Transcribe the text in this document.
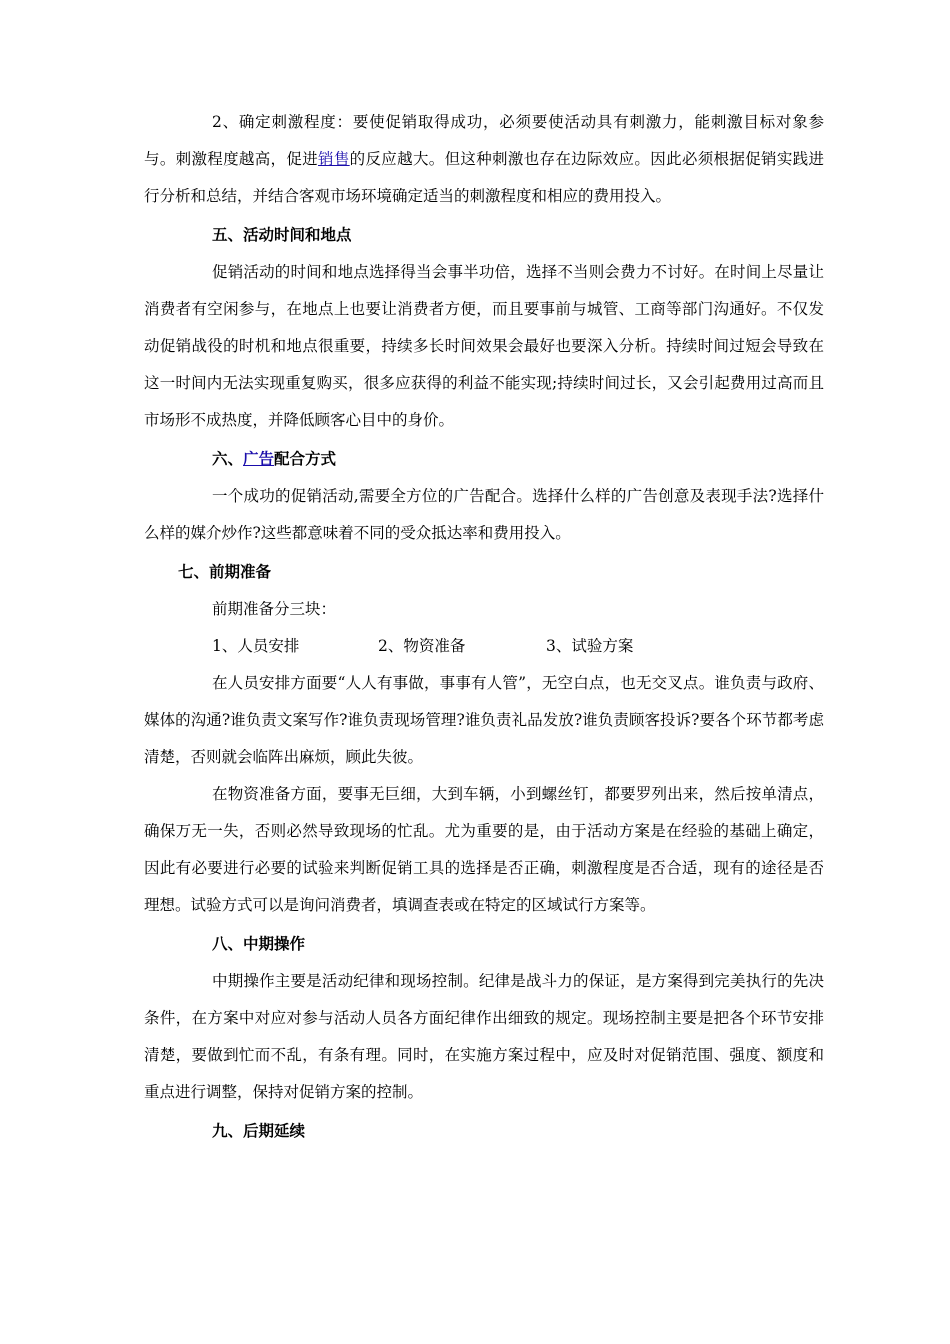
2、确定刺激程度：要使促销取得成功，必须要使活动具有刺激力，能刺激目标对象参与。刺激程度越高，促进销售的反应越大。但这种刺激也存在边际效应。因此必须根据促销实践进行分析和总结，并结合客观市场环境确定适当的刺激程度和相应的费用投入。

五、活动时间和地点

促销活动的时间和地点选择得当会事半功倍，选择不当则会费力不讨好。在时间上尽量让消费者有空闲参与，在地点上也要让消费者方便，而且要事前与城管、工商等部门沟通好。不仅发动促销战役的时机和地点很重要，持续多长时间效果会最好也要深入分析。持续时间过短会导致在这一时间内无法实现重复购买，很多应获得的利益不能实现;持续时间过长，又会引起费用过高而且市场形不成热度，并降低顾客心目中的身价。

六、广告配合方式

一个成功的促销活动,需要全方位的广告配合。选择什么样的广告创意及表现手法?选择什么样的媒介炒作?这些都意味着不同的受众抵达率和费用投入。

七、前期准备

前期准备分三块：

1、人员安排	2、物资准备	3、试验方案

在人员安排方面要“人人有事做，事事有人管”，无空白点，也无交叉点。谁负责与政府、媒体的沟通?谁负责文案写作?谁负责现场管理?谁负责礼品发放?谁负责顾客投诉?要各个环节都考虑清楚，否则就会临阵出麻烦，顾此失彼。

在物资准备方面，要事无巨细，大到车辆，小到螺丝钉，都要罗列出来，然后按单清点，确保万无一失，否则必然导致现场的忙乱。尤为重要的是，由于活动方案是在经验的基础上确定，因此有必要进行必要的试验来判断促销工具的选择是否正确，刺激程度是否合适，现有的途径是否理想。试验方式可以是询问消费者，填调查表或在特定的区域试行方案等。

八、中期操作

中期操作主要是活动纪律和现场控制。纪律是战斗力的保证，是方案得到完美执行的先决条件，在方案中对应对参与活动人员各方面纪律作出细致的规定。现场控制主要是把各个环节安排清楚，要做到忙而不乱，有条有理。同时，在实施方案过程中，应及时对促销范围、强度、额度和重点进行调整，保持对促销方案的控制。

九、后期延续
